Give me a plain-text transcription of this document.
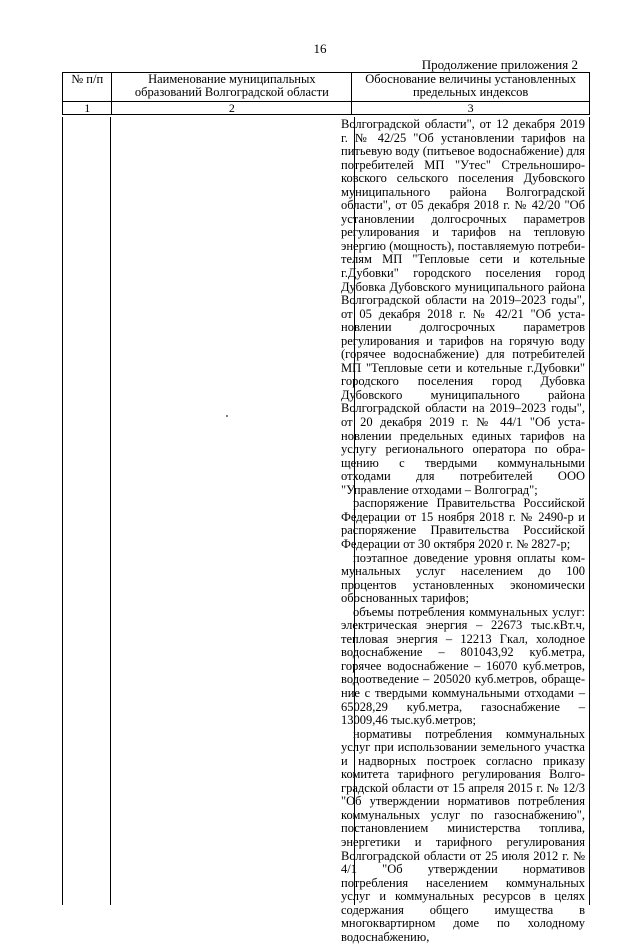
16
Продолжение приложения 2
№ п/п	Наименование муниципальных образований Волгоградской области	Обоснование величины установленных предельных индексов
1	2	3

Волгоградской области", от 12 декабря 2019 г. № 42/25 "Об установлении тарифов на питьевую воду (питьевое водоснабжение) для потребителей МП "Утес" Стрельношироковского сельского поселения Дубовского муниципального района Волгоградской области", от 05 декабря 2018 г. № 42/20 "Об установлении долгосрочных параметров регулирования и тарифов на тепловую энергию (мощность), поставляемую потребителям МП "Тепловые сети и котельные г.Дубовки" городского поселения город Дубовка Дубовского муниципального района Волгоградской области на 2019–2023 годы", от 05 декабря 2018 г. № 42/21 "Об установлении долгосрочных параметров регулирования и тарифов на горячую воду (горячее водоснабжение) для потребителей МП "Тепловые сети и котельные г.Дубовки" городского поселения город Дубовка Дубовского муниципального района Волгоградской области на 2019–2023 годы", от 20 декабря 2019 г. № 44/1 "Об установлении предельных единых тарифов на услугу регионального оператора по обращению с твердыми коммунальными отходами для потребителей ООО "Управление отходами – Волгоград";

распоряжение Правительства Российской Федерации от 15 ноября 2018 г. № 2490-р и распоряжение Правительства Российской Федерации от 30 октября 2020 г. № 2827-р;

поэтапное доведение уровня оплаты коммунальных услуг населением до 100 процентов установленных экономически обоснованных тарифов;

объемы потребления коммунальных услуг: электрическая энергия – 22673 тыс.кВт.ч, тепловая энергия – 12213 Гкал, холодное водоснабжение – 801043,92 куб.метра, горячее водоснабжение – 16070 куб.метров, водоотведение – 205020 куб.метров, обращение с твердыми коммунальными отходами – 65028,29 куб.метра, газоснабжение – 13009,46 тыс.куб.метров;

нормативы потребления коммунальных услуг при использовании земельного участка и надворных построек согласно приказу комитета тарифного регулирования Волгоградской области от 15 апреля 2015 г. № 12/3 "Об утверждении нормативов потребления коммунальных услуг по газоснабжению", постановлением министерства топлива, энергетики и тарифного регулирования Волгоградской области от 25 июля 2012 г. № 4/1 "Об утверждении нормативов потребления населением коммунальных услуг и коммунальных ресурсов в целях содержания общего имущества в многоквартирном доме по холодному водоснабжению,
